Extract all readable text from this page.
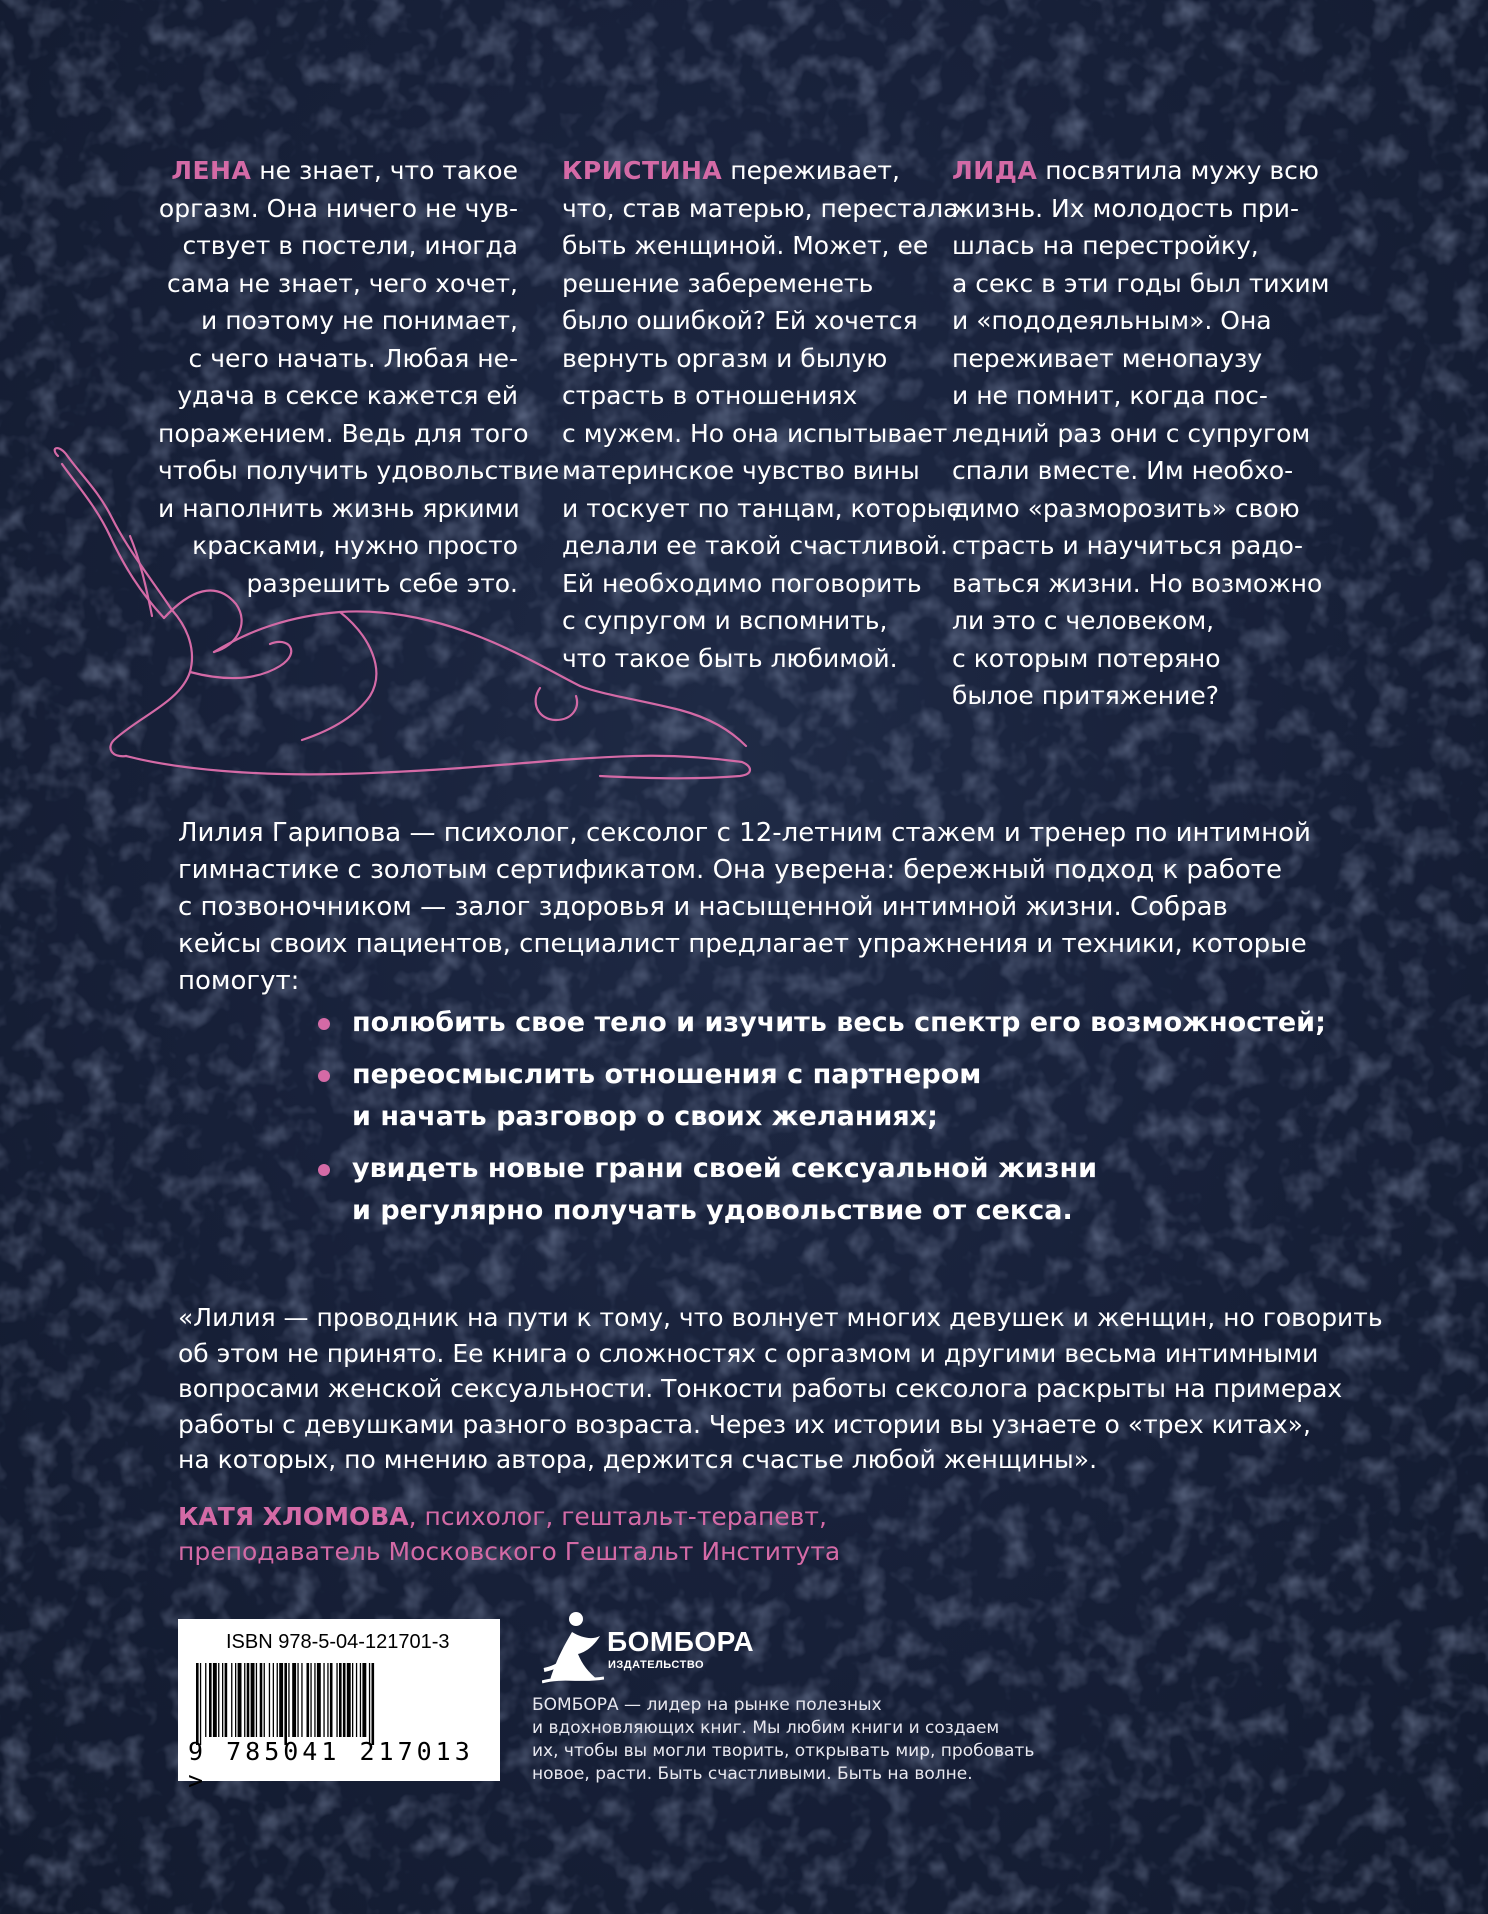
ЛЕНА не знает, что такое
оргазм. Она ничего не чув-
ствует в постели, иногда
сама не знает, чего хочет,
и поэтому не понимает,
с чего начать. Любая не-
удача в сексе кажется ей
поражением. Ведь для того
чтобы получить удовольствие
и наполнить жизнь яркими
красками, нужно просто
разрешить себе это.
КРИСТИНА переживает,
что, став матерью, перестала
быть женщиной. Может, ее
решение забеременеть
было ошибкой? Ей хочется
вернуть оргазм и былую
страсть в отношениях
с мужем. Но она испытывает
материнское чувство вины
и тоскует по танцам, которые
делали ее такой счастливой.
Ей необходимо поговорить
с супругом и вспомнить,
что такое быть любимой.
ЛИДА посвятила мужу всю
жизнь. Их молодость при-
шлась на перестройку,
а секс в эти годы был тихим
и «пододеяльным». Она
переживает менопаузу
и не помнит, когда пос-
ледний раз они с супругом
спали вместе. Им необхо-
димо «разморозить» свою
страсть и научиться радо-
ваться жизни. Но возможно
ли это с человеком,
с которым потеряно
былое притяжение?
Лилия Гарипова — психолог, сексолог с 12-летним стажем и тренер по интимной
гимнастике с золотым сертификатом. Она уверена: бережный подход к работе
с позвоночником — залог здоровья и насыщенной интимной жизни. Собрав
кейсы своих пациентов, специалист предлагает упражнения и техники, которые
помогут:
полюбить свое тело и изучить весь спектр его возможностей;
переосмыслить отношения с партнером
и начать разговор о своих желаниях;
увидеть новые грани своей сексуальной жизни
и регулярно получать удовольствие от секса.
«Лилия — проводник на пути к тому, что волнует многих девушек и женщин, но говорить
об этом не принято. Ее книга о сложностях с оргазмом и другими весьма интимными
вопросами женской сексуальности. Тонкости работы сексолога раскрыты на примерах
работы с девушками разного возраста. Через их истории вы узнаете о «трех китах»,
на которых, по мнению автора, держится счастье любой женщины».
КАТЯ ХЛОМОВА, психолог, гештальт-терапевт,
преподаватель Московского Гештальт Института
ISBN 978-5-04-121701-3
9 785041 217013 >
БОМБОРА
ИЗДАТЕЛЬСТВО
БОМБОРА — лидер на рынке полезных
и вдохновляющих книг. Мы любим книги и создаем
их, чтобы вы могли творить, открывать мир, пробовать
новое, расти. Быть счастливыми. Быть на волне.
